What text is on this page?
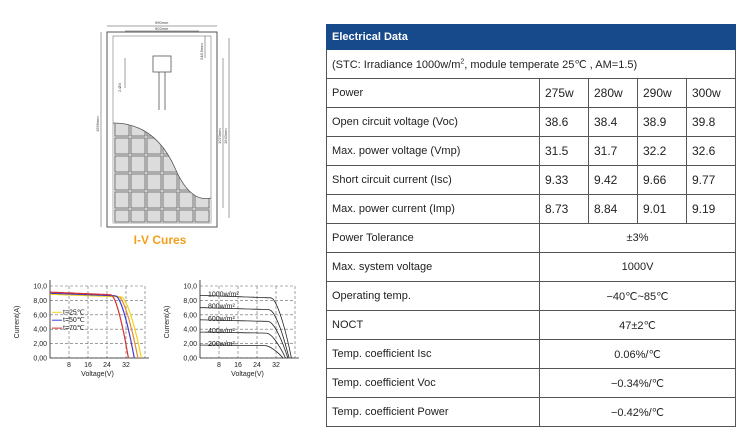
990mm
902mm
1956mm
1070mm 1643mm
2-Ø4
248.5mm
I-V Cures
0,00
2,00
4,00
6,00
8,00
10,0
8 16 24 32
Voltage(V)
Current(A)	t=25℃
t=50℃
t=70℃
0,00
2,00
4,00
6,00
8,00
10,0
8 16 24 32
Voltage(V)
Current(A)
1000w/m²
800w/m²
600w/m²
400w/m²
200w/m²
Electrical Data				
(STC: Irradiance $1000w/m^2$, module temperate 25℃ , AM=1.5)				
Power	275w	280w	290w	300w
Open circuit voltage (Voc)	38.6	38.4	38.9	39.8
Max. power voltage (Vmp)	31.5	31.7	32.2	32.6
Short circuit current (Isc)	9.33	9.42	9.66	9.77
Max. power current (Imp)	8.73	8.84	9.01	9.19
Power Tolerance	±3%			
Max. system voltage	1000V			
Operating temp.	−40℃~85℃			
NOCT	47±2℃			
Temp. coefficient Isc	0.06%/℃			
Temp. coefficient Voc	−0.34%/℃			
Temp. coefficient Power	−0.42%/℃			
